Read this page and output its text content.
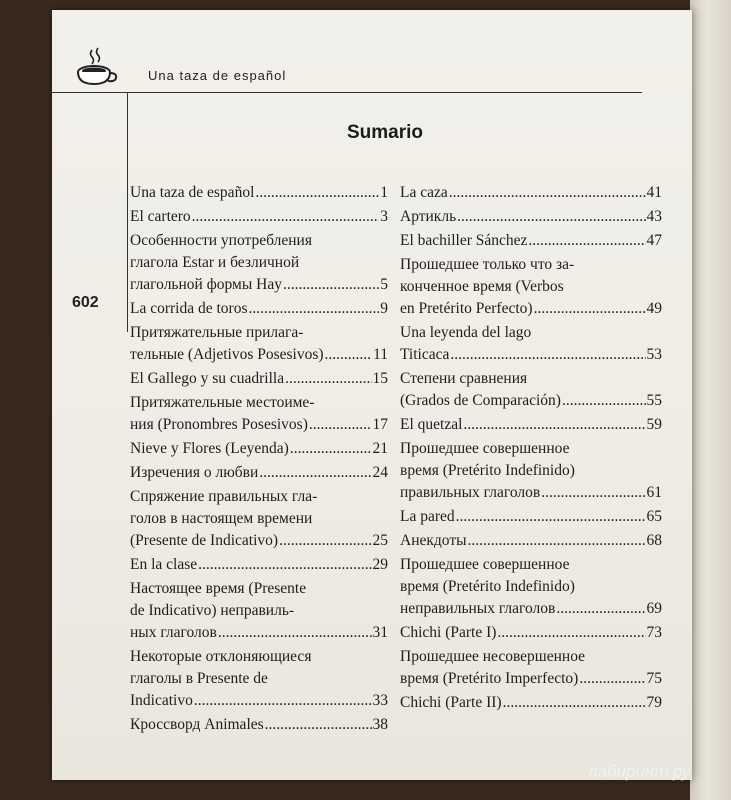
Una taza de español
602
Sumario
Una taza de español .....	1
El cartero .....	3
Особенности употребления
глагола Estar и безличной
глагольной формы Hay .....	5
La corrida de toros .....	9
Притяжательные прилага-
тельные (Adjetivos Posesivos) .....	11
El Gallego y su cuadrilla .....	15
Притяжательные местоиме-
ния (Pronombres Posesivos) .....	17
Nieve y Flores (Leyenda) .....	21
Изречения о любви .....	24
Спряжение правильных гла-
голов в настоящем времени
(Presente de Indicativo) .....	25
En la clase .....	29
Настоящее время (Presente
de Indicativo) неправиль-
ных глаголов .....	31
Некоторые отклоняющиеся
глаголы в Presente de
Indicativo .....	33
Кроссворд Animales .....	38
La caza .....	41
Артикль .....	43
El bachiller Sánchez .....	47
Прошедшее только что за-
конченное время (Verbos
en Pretérito Perfecto) .....	49
Una leyenda del lago
Titicaca .....	53
Степени сравнения
(Grados de Comparación) .....	55
El quetzal .....	59
Прошедшее совершенное
время (Pretérito Indefinido)
правильных глаголов .....	61
La pared .....	65
Анекдоты .....	68
Прошедшее совершенное
время (Pretérito Indefinido)
неправильных глаголов .....	69
Chichi (Parte I) .....	73
Прошедшее несовершенное
время (Pretérito Imperfecto) .....	75
Chichi (Parte II) .....	79
лабиринт.ру
